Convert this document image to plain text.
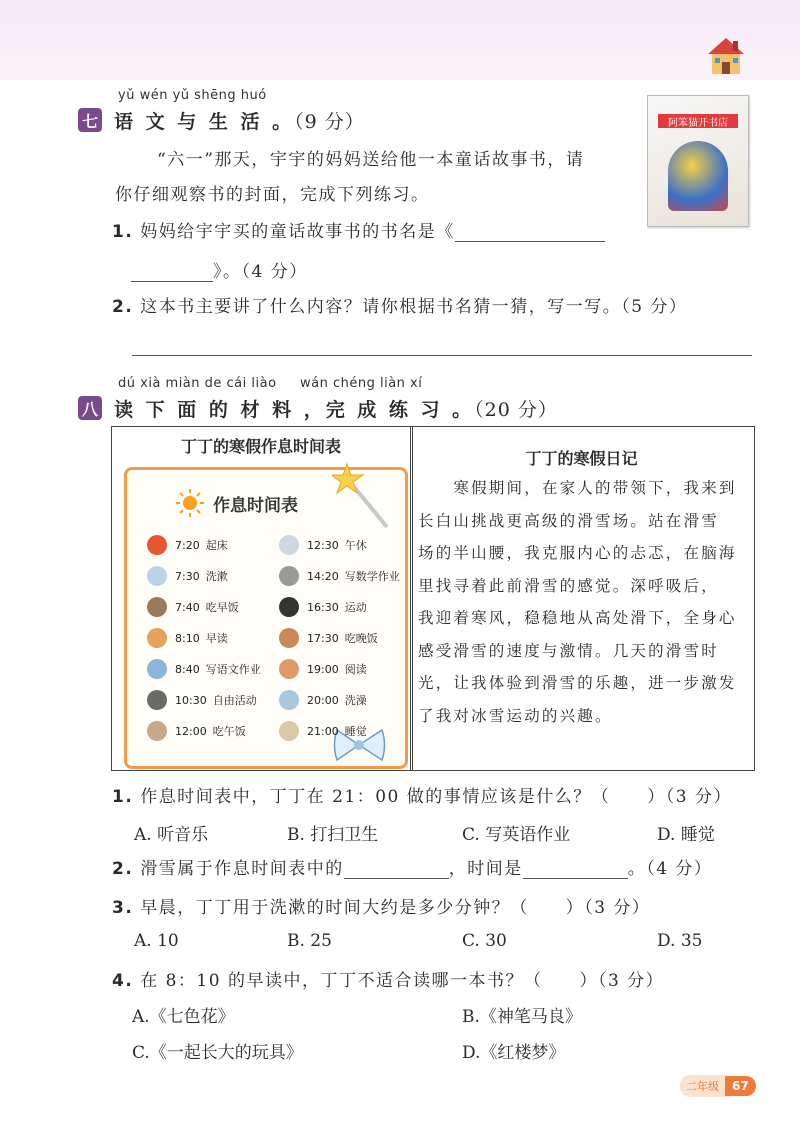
yǔ wén yǔ shēng huó
七 语 文 与 生 活 。（9 分）	阿笨猫开书店
“六一”那天，宇宇的妈妈送给他一本童话故事书，请
你仔细观察书的封面，完成下列练习。
1. 妈妈给宇宇买的童话故事书的书名是《
》。（4 分）
2. 这本书主要讲了什么内容？请你根据书名猜一猜，写一写。（5 分）
dú xià miàn de cái liào wán chéng liàn xí
八 读 下 面 的 材 料 ，完 成 练 习 。（20 分）
丁丁的寒假作息时间表
作息时间表
7:20 起床
7:30 洗漱
7:40 吃早饭
8:10 早读
8:40 写语文作业
10:30 自由活动
12:00 吃午饭
12:30 午休
14:20 写数学作业
16:30 运动
17:30 吃晚饭
19:00 阅读
20:00 洗澡
21:00 睡觉
丁丁的寒假日记
　　寒假期间，在家人的带领下，我来到
长白山挑战更高级的滑雪场。站在滑雪
场的半山腰，我克服内心的忐忑，在脑海
里找寻着此前滑雪的感觉。深呼吸后，
我迎着寒风，稳稳地从高处滑下，全身心
感受滑雪的速度与激情。几天的滑雪时
光，让我体验到滑雪的乐趣，进一步激发
了我对冰雪运动的兴趣。
1. 作息时间表中，丁丁在 21：00 做的事情应该是什么？（　　）（3 分）
A. 听音乐	B. 打扫卫生	C. 写英语作业	D. 睡觉
2. 滑雪属于作息时间表中的	，时间是	。（4 分）
3. 早晨，丁丁用于洗漱的时间大约是多少分钟？（　　）（3 分）
A. 10	B. 25	C. 30	D. 35
4. 在 8：10 的早读中，丁丁不适合读哪一本书？（　　）（3 分）
A.《七色花》	B.《神笔马良》
C.《一起长大的玩具》	D.《红楼梦》
二年级	67
